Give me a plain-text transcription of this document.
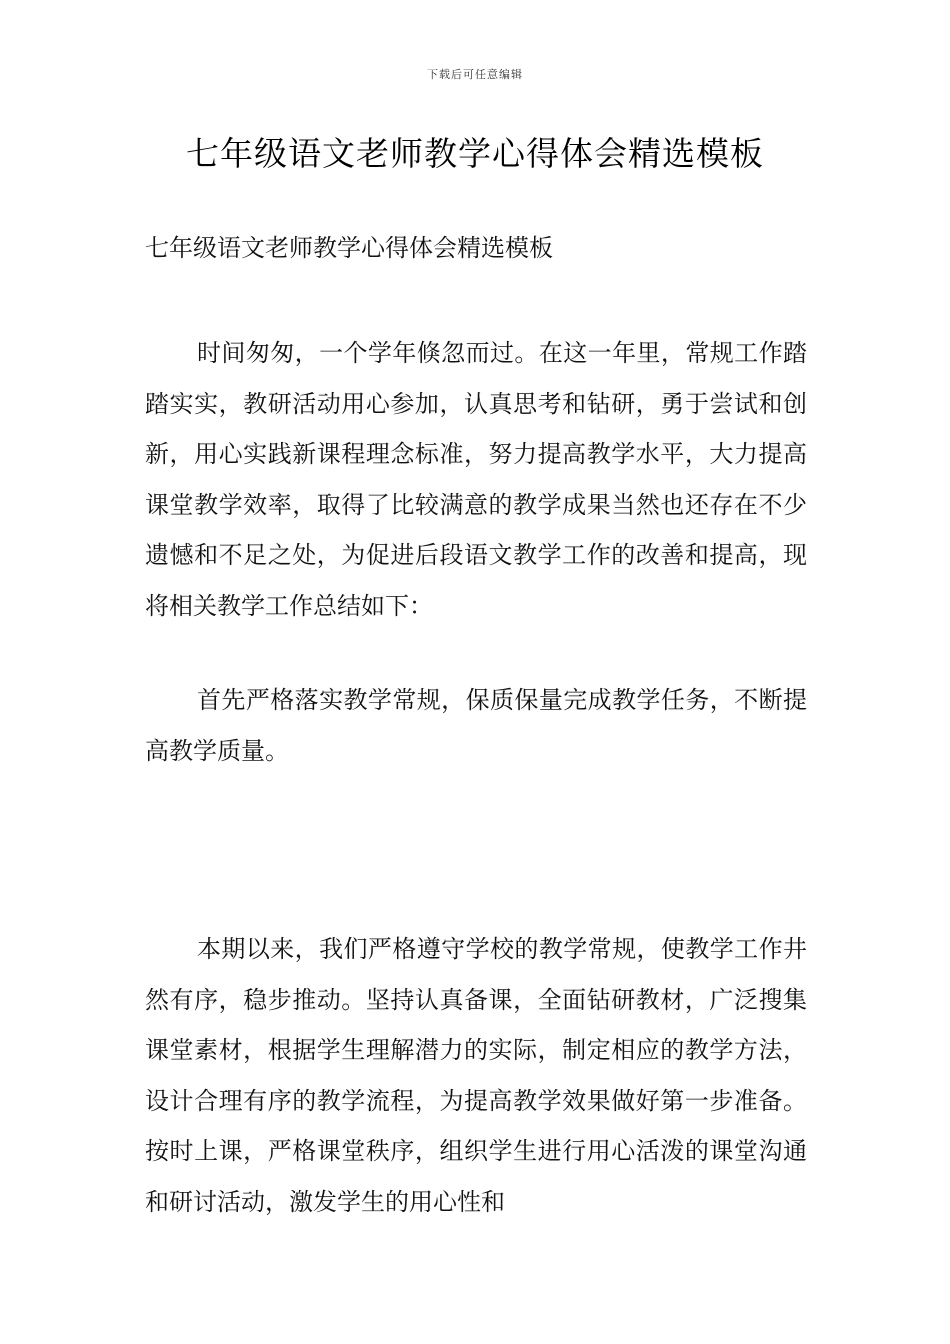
下载后可任意编辑
七年级语文老师教学心得体会精选模板

七年级语文老师教学心得体会精选模板

时间匆匆，一个学年倏忽而过。在这一年里，常规工作踏踏实实，教研活动用心参加，认真思考和钻研，勇于尝试和创新，用心实践新课程理念标准，努力提高教学水平，大力提高课堂教学效率，取得了比较满意的教学成果当然也还存在不少遗憾和不足之处，为促进后段语文教学工作的改善和提高，现将相关教学工作总结如下：

首先严格落实教学常规，保质保量完成教学任务，不断提高教学质量。

本期以来，我们严格遵守学校的教学常规，使教学工作井然有序，稳步推动。坚持认真备课，全面钻研教材，广泛搜集课堂素材，根据学生理解潜力的实际，制定相应的教学方法，设计合理有序的教学流程，为提高教学效果做好第一步准备。按时上课，严格课堂秩序，组织学生进行用心活泼的课堂沟通和研讨活动，激发学生的用心性和
